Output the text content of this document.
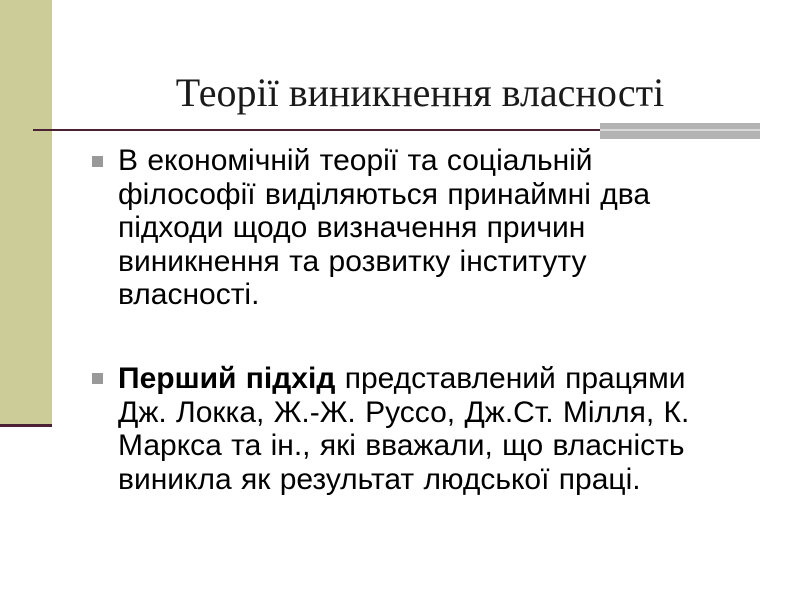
Теорії виникнення власності
В економічній теорії та соціальній
філософії виділяються принаймні два
підходи щодо визначення причин
виникнення та розвитку інституту
власності.
Перший підхід представлений працями
Дж. Локка, Ж.-Ж. Руссо, Дж.Ст. Мілля, К.
Маркса та ін., які вважали, що власність
виникла як результат людської праці.
